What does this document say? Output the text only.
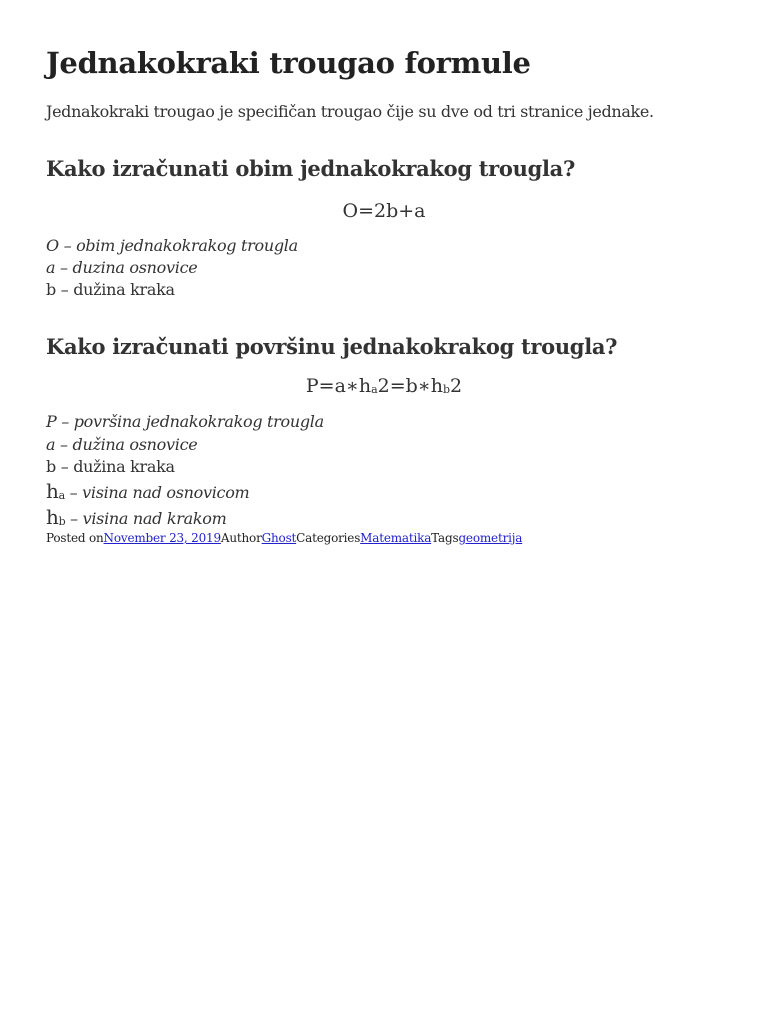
Jednakokraki trougao formule
Jednakokraki trougao je specifičan trougao čije su dve od tri stranice jednake.
Kako izračunati obim jednakokrakog trougla?
O=2b+a
O – obim jednakokrakog trougla
a – duzina osnovice
b – dužina kraka
Kako izračunati površinu jednakokrakog trougla?
$P=a∗h_a2=b∗h_b2$
P – površina jednakokrakog trougla
a – dužina osnovice
b – dužina kraka
$h_a$ – visina nad osnovicom
$h_b$ – visina nad krakom
Posted onNovember 23, 2019AuthorGhostCategoriesMatematikaTagsgeometrija
